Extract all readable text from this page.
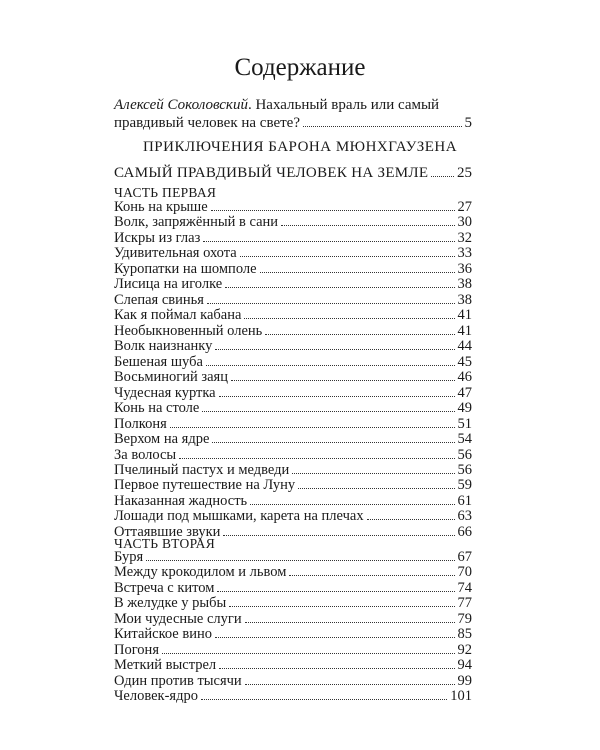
Содержание
Алексей Соколовский. Нахальный враль или самый
правдивый человек на свете?	5
ПРИКЛЮЧЕНИЯ БАРОНА МЮНХГАУЗЕНА
САМЫЙ ПРАВДИВЫЙ ЧЕЛОВЕК НА ЗЕМЛЕ 25
ЧАСТЬ ПЕРВАЯ
Конь на крыше	27
Волк, запряжённый в сани	30
Искры из глаз	32
Удивительная охота	33
Куропатки на шомполе	36
Лисица на иголке	38
Слепая свинья	38
Как я поймал кабана	41
Необыкновенный олень	41
Волк наизнанку	44
Бешеная шуба	45
Восьминогий заяц	46
Чудесная куртка	47
Конь на столе	49
Полконя	51
Верхом на ядре	54
За волосы	56
Пчелиный пастух и медведи	56
Первое путешествие на Луну	59
Наказанная жадность	61
Лошади под мышками, карета на плечах	63
Оттаявшие звуки	66
ЧАСТЬ ВТОРАЯ
Буря	67
Между крокодилом и львом	70
Встреча с китом	74
В желудке у рыбы	77
Мои чудесные слуги	79
Китайское вино	85
Погоня	92
Меткий выстрел	94
Один против тысячи	99
Человек-ядро	101
